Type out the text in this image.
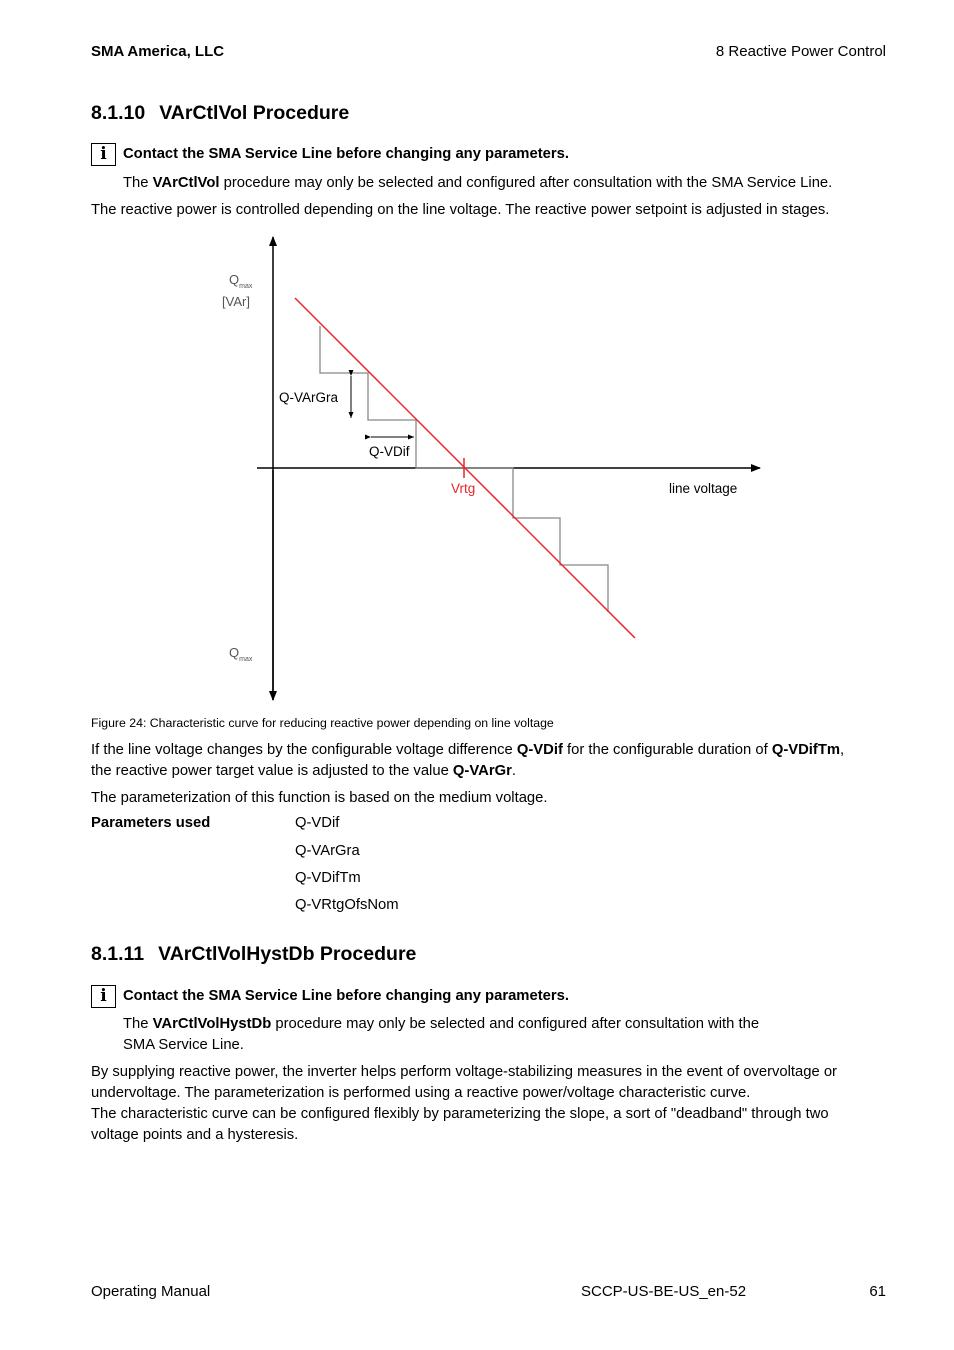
SMA America, LLC	8 Reactive Power Control
8.1.10 VArCtlVol Procedure
i	Contact the SMA Service Line before changing any parameters.
The VArCtlVol procedure may only be selected and configured after consultation with the SMA Service Line.
The reactive power is controlled depending on the line voltage. The reactive power setpoint is adjusted in stages.
$Q_{max}$
[VAr]
$Q_{max}$
Q-VArGra
Q-VDif
Vrtg	line voltage
Figure 24: Characteristic curve for reducing reactive power depending on line voltage
If the line voltage changes by the configurable voltage difference Q-VDif for the configurable duration of Q-VDifTm,
the reactive power target value is adjusted to the value Q-VArGr.
The parameterization of this function is based on the medium voltage.
Parameters used	Q-VDif
Q-VArGra
Q-VDifTm
Q-VRtgOfsNom
8.1.11 VArCtlVolHystDb Procedure
i	Contact the SMA Service Line before changing any parameters.
The VArCtlVolHystDb procedure may only be selected and configured after consultation with the
SMA Service Line.
By supplying reactive power, the inverter helps perform voltage-stabilizing measures in the event of overvoltage or
undervoltage. The parameterization is performed using a reactive power/voltage characteristic curve.
The characteristic curve can be configured flexibly by parameterizing the slope, a sort of "deadband" through two
voltage points and a hysteresis.
Operating Manual	SCCP-US-BE-US_en-52	61
